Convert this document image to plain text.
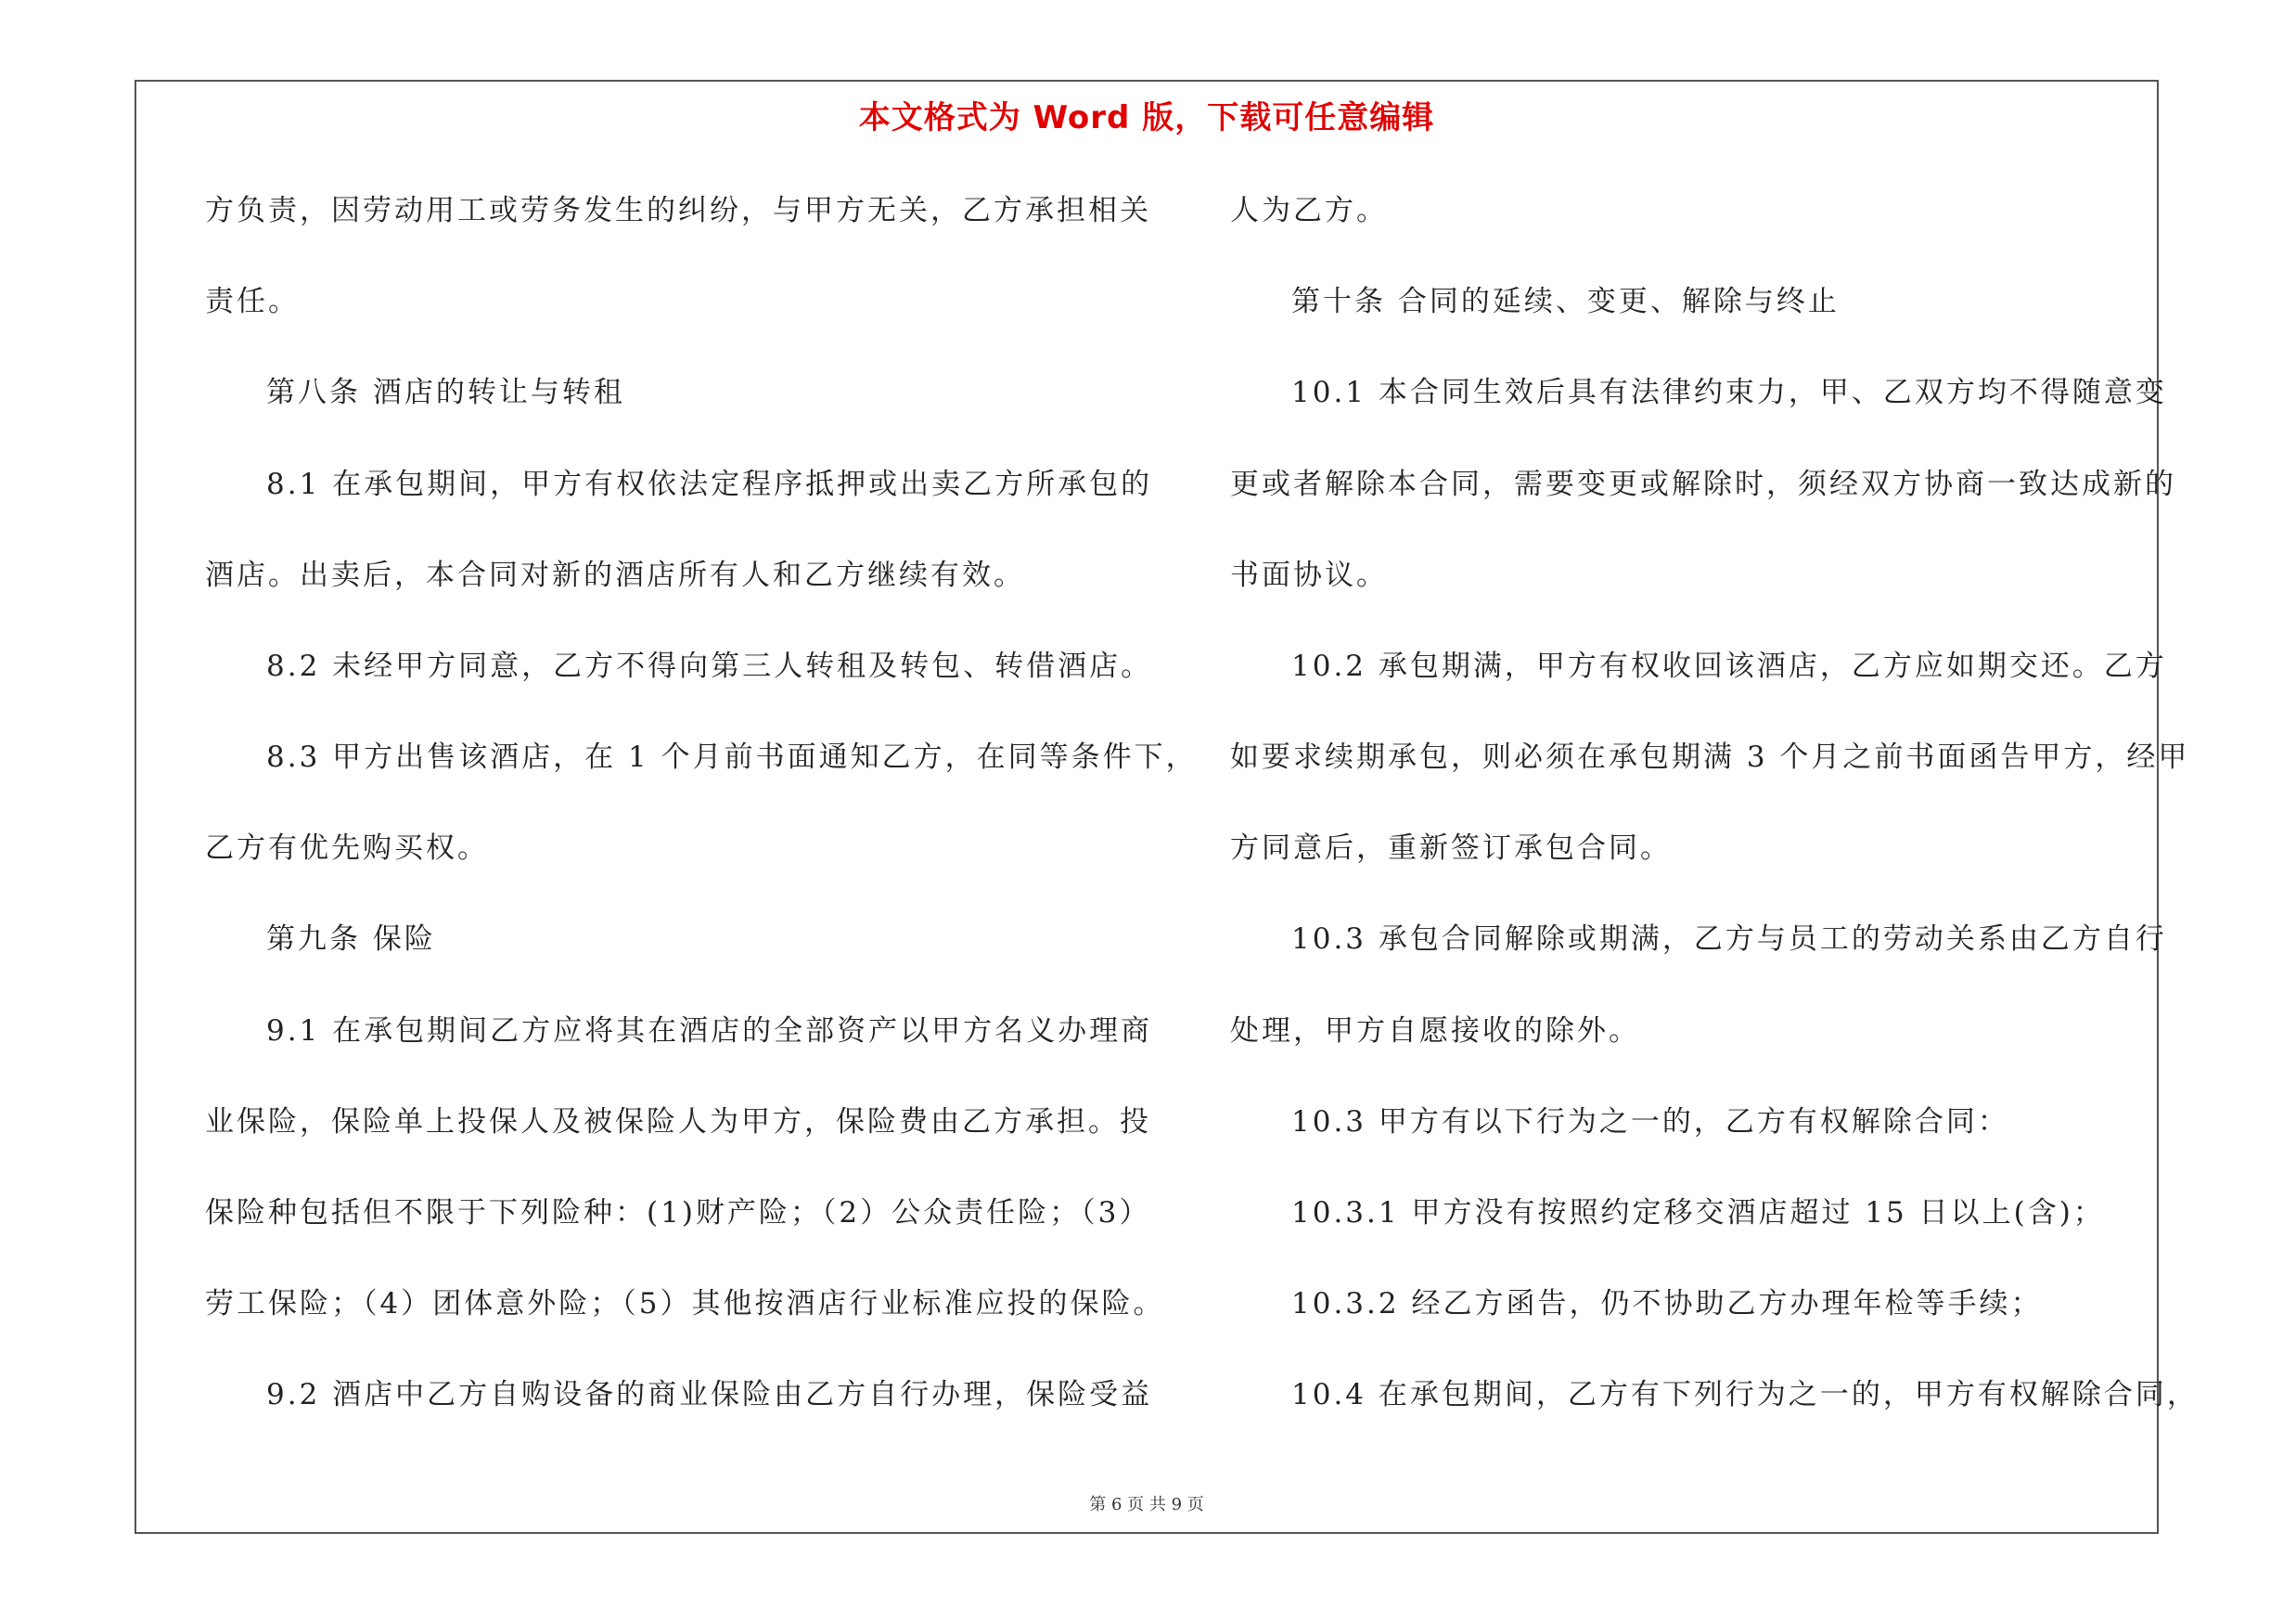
本文格式为 Word 版，下载可任意编辑
第 6 页 共 9 页
方负责，因劳动用工或劳务发生的纠纷，与甲方无关，乙方承担相关
责任。
第八条 酒店的转让与转租
8.1 在承包期间，甲方有权依法定程序抵押或出卖乙方所承包的
酒店。出卖后，本合同对新的酒店所有人和乙方继续有效。
8.2 未经甲方同意，乙方不得向第三人转租及转包、转借酒店。
8.3 甲方出售该酒店，在 1 个月前书面通知乙方，在同等条件下，
乙方有优先购买权。
第九条 保险
9.1 在承包期间乙方应将其在酒店的全部资产以甲方名义办理商
业保险，保险单上投保人及被保险人为甲方，保险费由乙方承担。投
保险种包括但不限于下列险种：(1)财产险；（2）公众责任险；（3）
劳工保险；（4）团体意外险；（5）其他按酒店行业标准应投的保险。
9.2 酒店中乙方自购设备的商业保险由乙方自行办理，保险受益
人为乙方。
第十条 合同的延续、变更、解除与终止
10.1 本合同生效后具有法律约束力，甲、乙双方均不得随意变
更或者解除本合同，需要变更或解除时，须经双方协商一致达成新的
书面协议。
10.2 承包期满，甲方有权收回该酒店，乙方应如期交还。乙方
如要求续期承包，则必须在承包期满 3 个月之前书面函告甲方，经甲
方同意后，重新签订承包合同。
10.3 承包合同解除或期满，乙方与员工的劳动关系由乙方自行
处理，甲方自愿接收的除外。
10.3 甲方有以下行为之一的，乙方有权解除合同：
10.3.1 甲方没有按照约定移交酒店超过 15 日以上(含)；
10.3.2 经乙方函告，仍不协助乙方办理年检等手续；
10.4 在承包期间，乙方有下列行为之一的，甲方有权解除合同，
